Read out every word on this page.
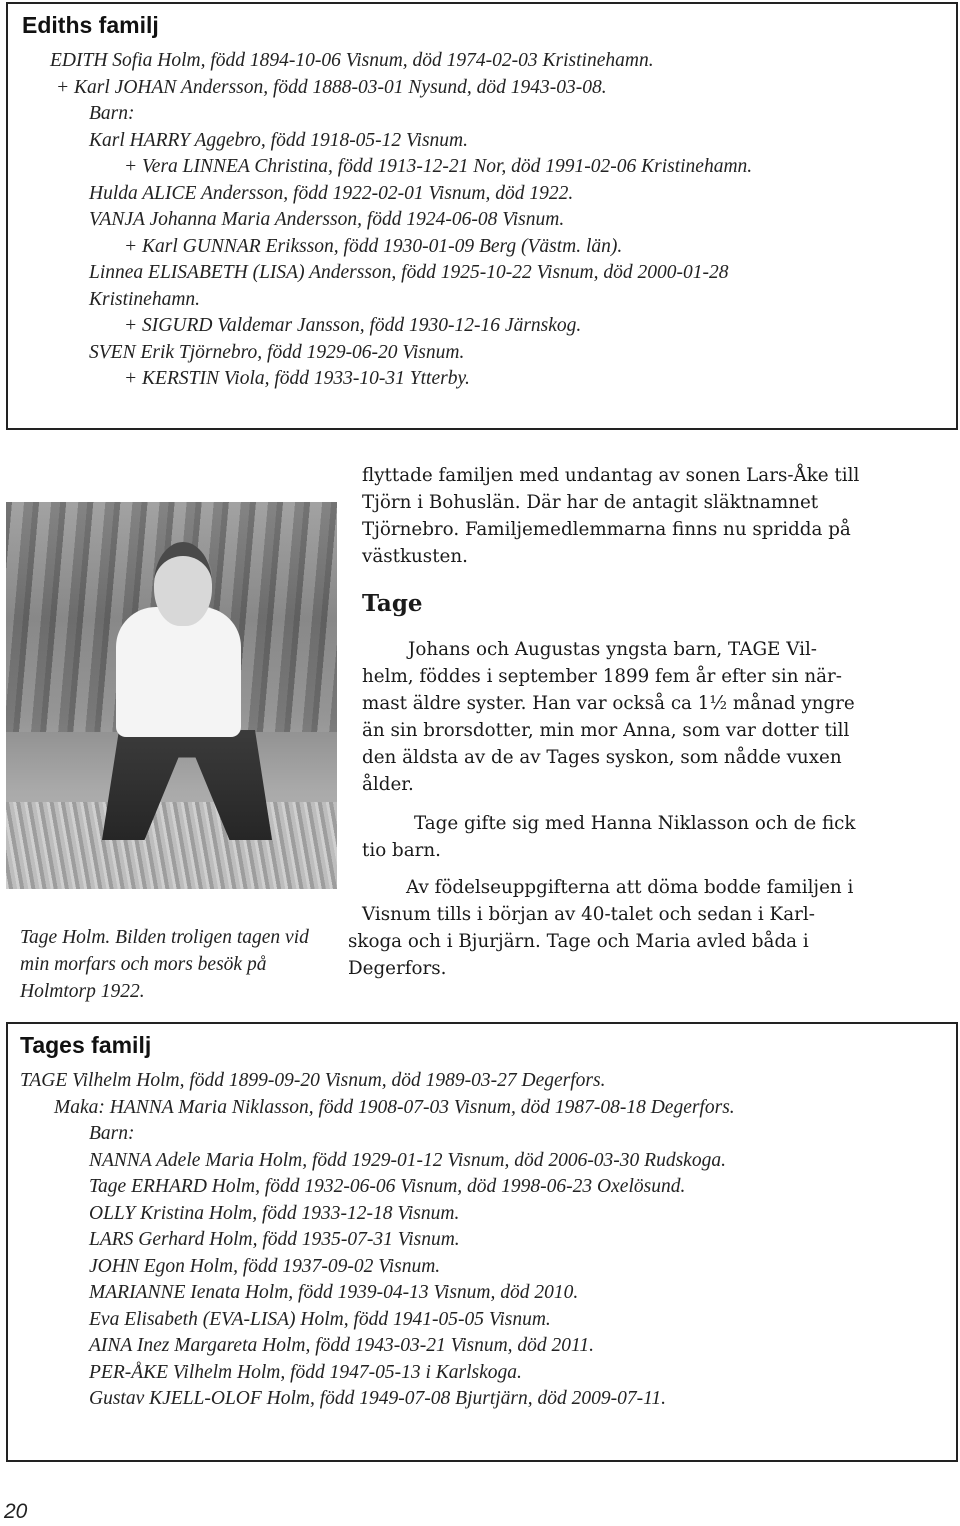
Ediths familj
EDITH Sofia Holm, född 1894-10-06 Visnum, död 1974-02-03 Kristinehamn.
+ Karl JOHAN Andersson, född 1888-03-01 Nysund, död 1943-03-08.
Barn:
Karl HARRY Aggebro, född 1918-05-12 Visnum.
+ Vera LINNEA Christina, född 1913-12-21 Nor, död 1991-02-06 Kristinehamn.
Hulda ALICE Andersson, född 1922-02-01 Visnum, död 1922.
VANJA Johanna Maria Andersson, född 1924-06-08 Visnum.
+ Karl GUNNAR Eriksson, född 1930-01-09 Berg (Västm. län).
Linnea ELISABETH (LISA) Andersson, född 1925-10-22 Visnum, död 2000-01-28
Kristinehamn.
+ SIGURD Valdemar Jansson, född 1930-12-16 Järnskog.
SVEN Erik Tjörnebro, född 1929-06-20 Visnum.
+ KERSTIN Viola, född 1933-10-31 Ytterby.

Tage Holm. Bilden troligen tagen vid min morfars och mors besök på Holmtorp 1922.

flyttade familjen med undantag av sonen Lars-Åke till
Tjörn i Bohuslän. Där har de antagit släktnamnet
Tjörnebro. Familjemedlemmarna finns nu spridda på
västkusten.
Tage
Johans och Augustas yngsta barn, TAGE Vil-
helm, föddes i september 1899 fem år efter sin när-
mast äldre syster. Han var också ca 1½ månad yngre
än sin brorsdotter, min mor Anna, som var dotter till
den äldsta av de av Tages syskon, som nådde vuxen
ålder.
Tage gifte sig med Hanna Niklasson och de fick
tio barn.
Av födelseuppgifterna att döma bodde familjen i
Visnum tills i början av 40-talet och sedan i Karl-
skoga och i Bjurjärn. Tage och Maria avled båda i
Degerfors.
Tages familj
TAGE Vilhelm Holm, född 1899-09-20 Visnum, död 1989-03-27 Degerfors.
Maka: HANNA Maria Niklasson, född 1908-07-03 Visnum, död 1987-08-18 Degerfors.
Barn:
NANNA Adele Maria Holm, född 1929-01-12 Visnum, död 2006-03-30 Rudskoga.
Tage ERHARD Holm, född 1932-06-06 Visnum, död 1998-06-23 Oxelösund.
OLLY Kristina Holm, född 1933-12-18 Visnum.
LARS Gerhard Holm, född 1935-07-31 Visnum.
JOHN Egon Holm, född 1937-09-02 Visnum.
MARIANNE Ienata Holm, född 1939-04-13 Visnum, död 2010.
Eva Elisabeth (EVA-LISA) Holm, född 1941-05-05 Visnum.
AINA Inez Margareta Holm, född 1943-03-21 Visnum, död 2011.
PER-ÅKE Vilhelm Holm, född 1947-05-13 i Karlskoga.
Gustav KJELL-OLOF Holm, född 1949-07-08 Bjurtjärn, död 2009-07-11.

20
